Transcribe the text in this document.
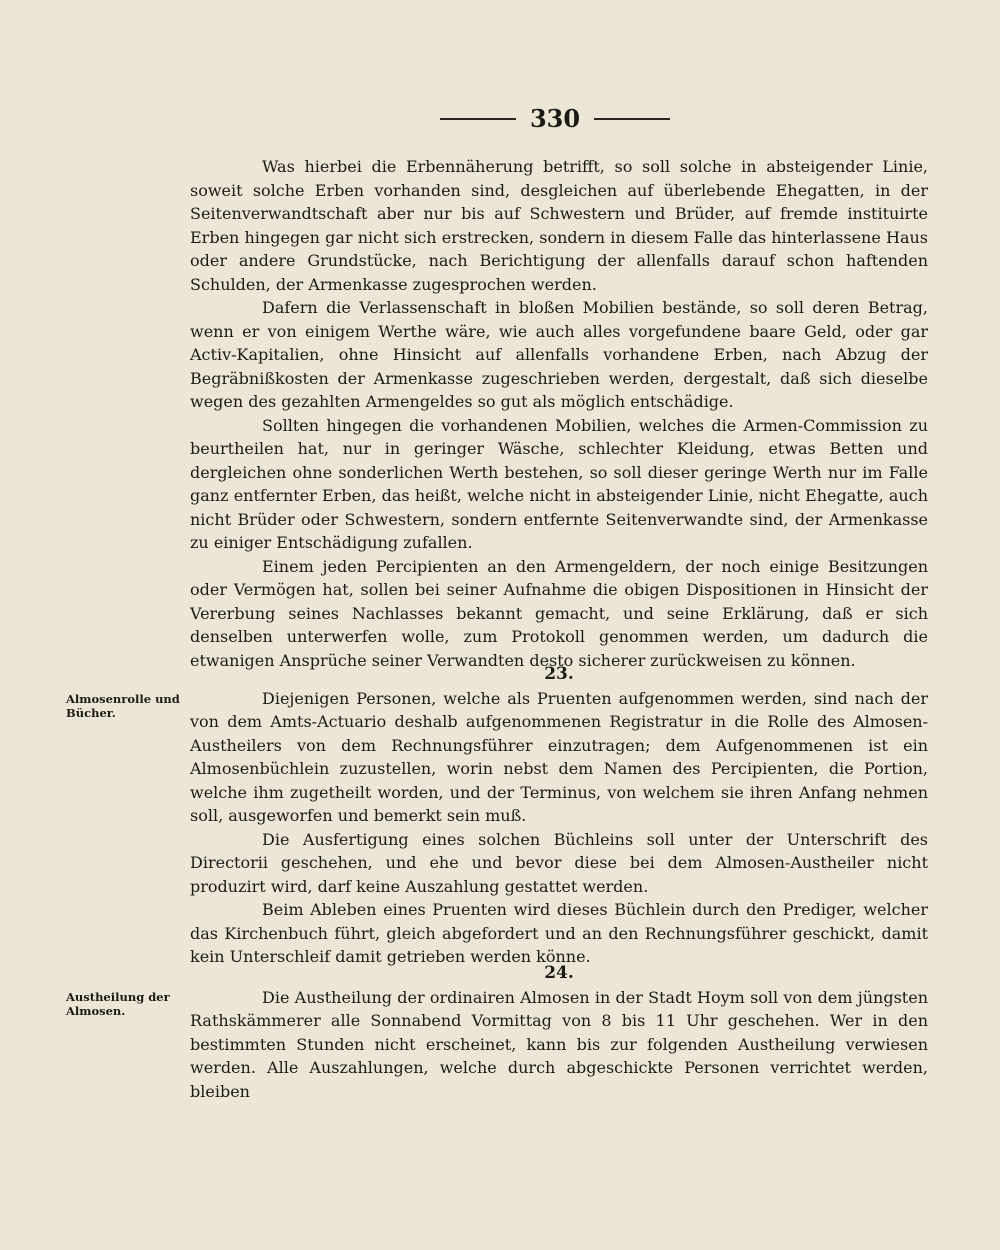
330

Was hierbei die Erbennäherung betrifft, so soll solche in absteigender Linie, soweit solche Erben vorhanden sind, desgleichen auf überlebende Ehegatten, in der Seitenverwandtschaft aber nur bis auf Schwestern und Brüder, auf fremde instituirte Erben hingegen gar nicht sich erstrecken, sondern in diesem Falle das hinterlassene Haus oder andere Grundstücke, nach Berichtigung der allenfalls darauf schon haftenden Schulden, der Armenkasse zugesprochen werden.

Dafern die Verlassenschaft in bloßen Mobilien bestände, so soll deren Betrag, wenn er von einigem Werthe wäre, wie auch alles vorgefundene baare Geld, oder gar Activ-Kapitalien, ohne Hinsicht auf allenfalls vorhandene Erben, nach Abzug der Begräbnißkosten der Armenkasse zugeschrieben werden, dergestalt, daß sich dieselbe wegen des gezahlten Armengeldes so gut als möglich entschädige.

Sollten hingegen die vorhandenen Mobilien, welches die Armen-Commission zu beurtheilen hat, nur in geringer Wäsche, schlechter Kleidung, etwas Betten und dergleichen ohne sonderlichen Werth bestehen, so soll dieser geringe Werth nur im Falle ganz entfernter Erben, das heißt, welche nicht in absteigender Linie, nicht Ehegatte, auch nicht Brüder oder Schwestern, sondern entfernte Seitenverwandte sind, der Armenkasse zu einiger Entschädigung zufallen.

Einem jeden Percipienten an den Armengeldern, der noch einige Besitzungen oder Vermögen hat, sollen bei seiner Aufnahme die obigen Dispositionen in Hinsicht der Vererbung seines Nachlasses bekannt gemacht, und seine Erklärung, daß er sich denselben unterwerfen wolle, zum Protokoll genommen werden, um dadurch die etwanigen Ansprüche seiner Verwandten desto sicherer zurückweisen zu können.

23.

Diejenigen Personen, welche als Pruenten aufgenommen werden, sind nach der von dem Amts-Actuario deshalb aufgenommenen Registratur in die Rolle des Almosen-Austheilers von dem Rechnungsführer einzutragen; dem Aufgenommenen ist ein Almosenbüchlein zuzustellen, worin nebst dem Namen des Percipienten, die Portion, welche ihm zugetheilt worden, und der Terminus, von welchem sie ihren Anfang nehmen soll, ausgeworfen und bemerkt sein muß.

Die Ausfertigung eines solchen Büchleins soll unter der Unterschrift des Directorii geschehen, und ehe und bevor diese bei dem Almosen-Austheiler nicht produzirt wird, darf keine Auszahlung gestattet werden.

Beim Ableben eines Pruenten wird dieses Büchlein durch den Prediger, welcher das Kirchenbuch führt, gleich abgefordert und an den Rechnungsführer geschickt, damit kein Unterschleif damit getrieben werden könne.

Almosenrolle und Bücher.
24.

Die Austheilung der ordinairen Almosen in der Stadt Hoym soll von dem jüngsten Rathskämmerer alle Sonnabend Vormittag von 8 bis 11 Uhr geschehen. Wer in den bestimmten Stunden nicht erscheinet, kann bis zur folgenden Austheilung verwiesen werden. Alle Auszahlungen, welche durch abgeschickte Personen verrichtet werden, bleiben

Austheilung der Almosen.
